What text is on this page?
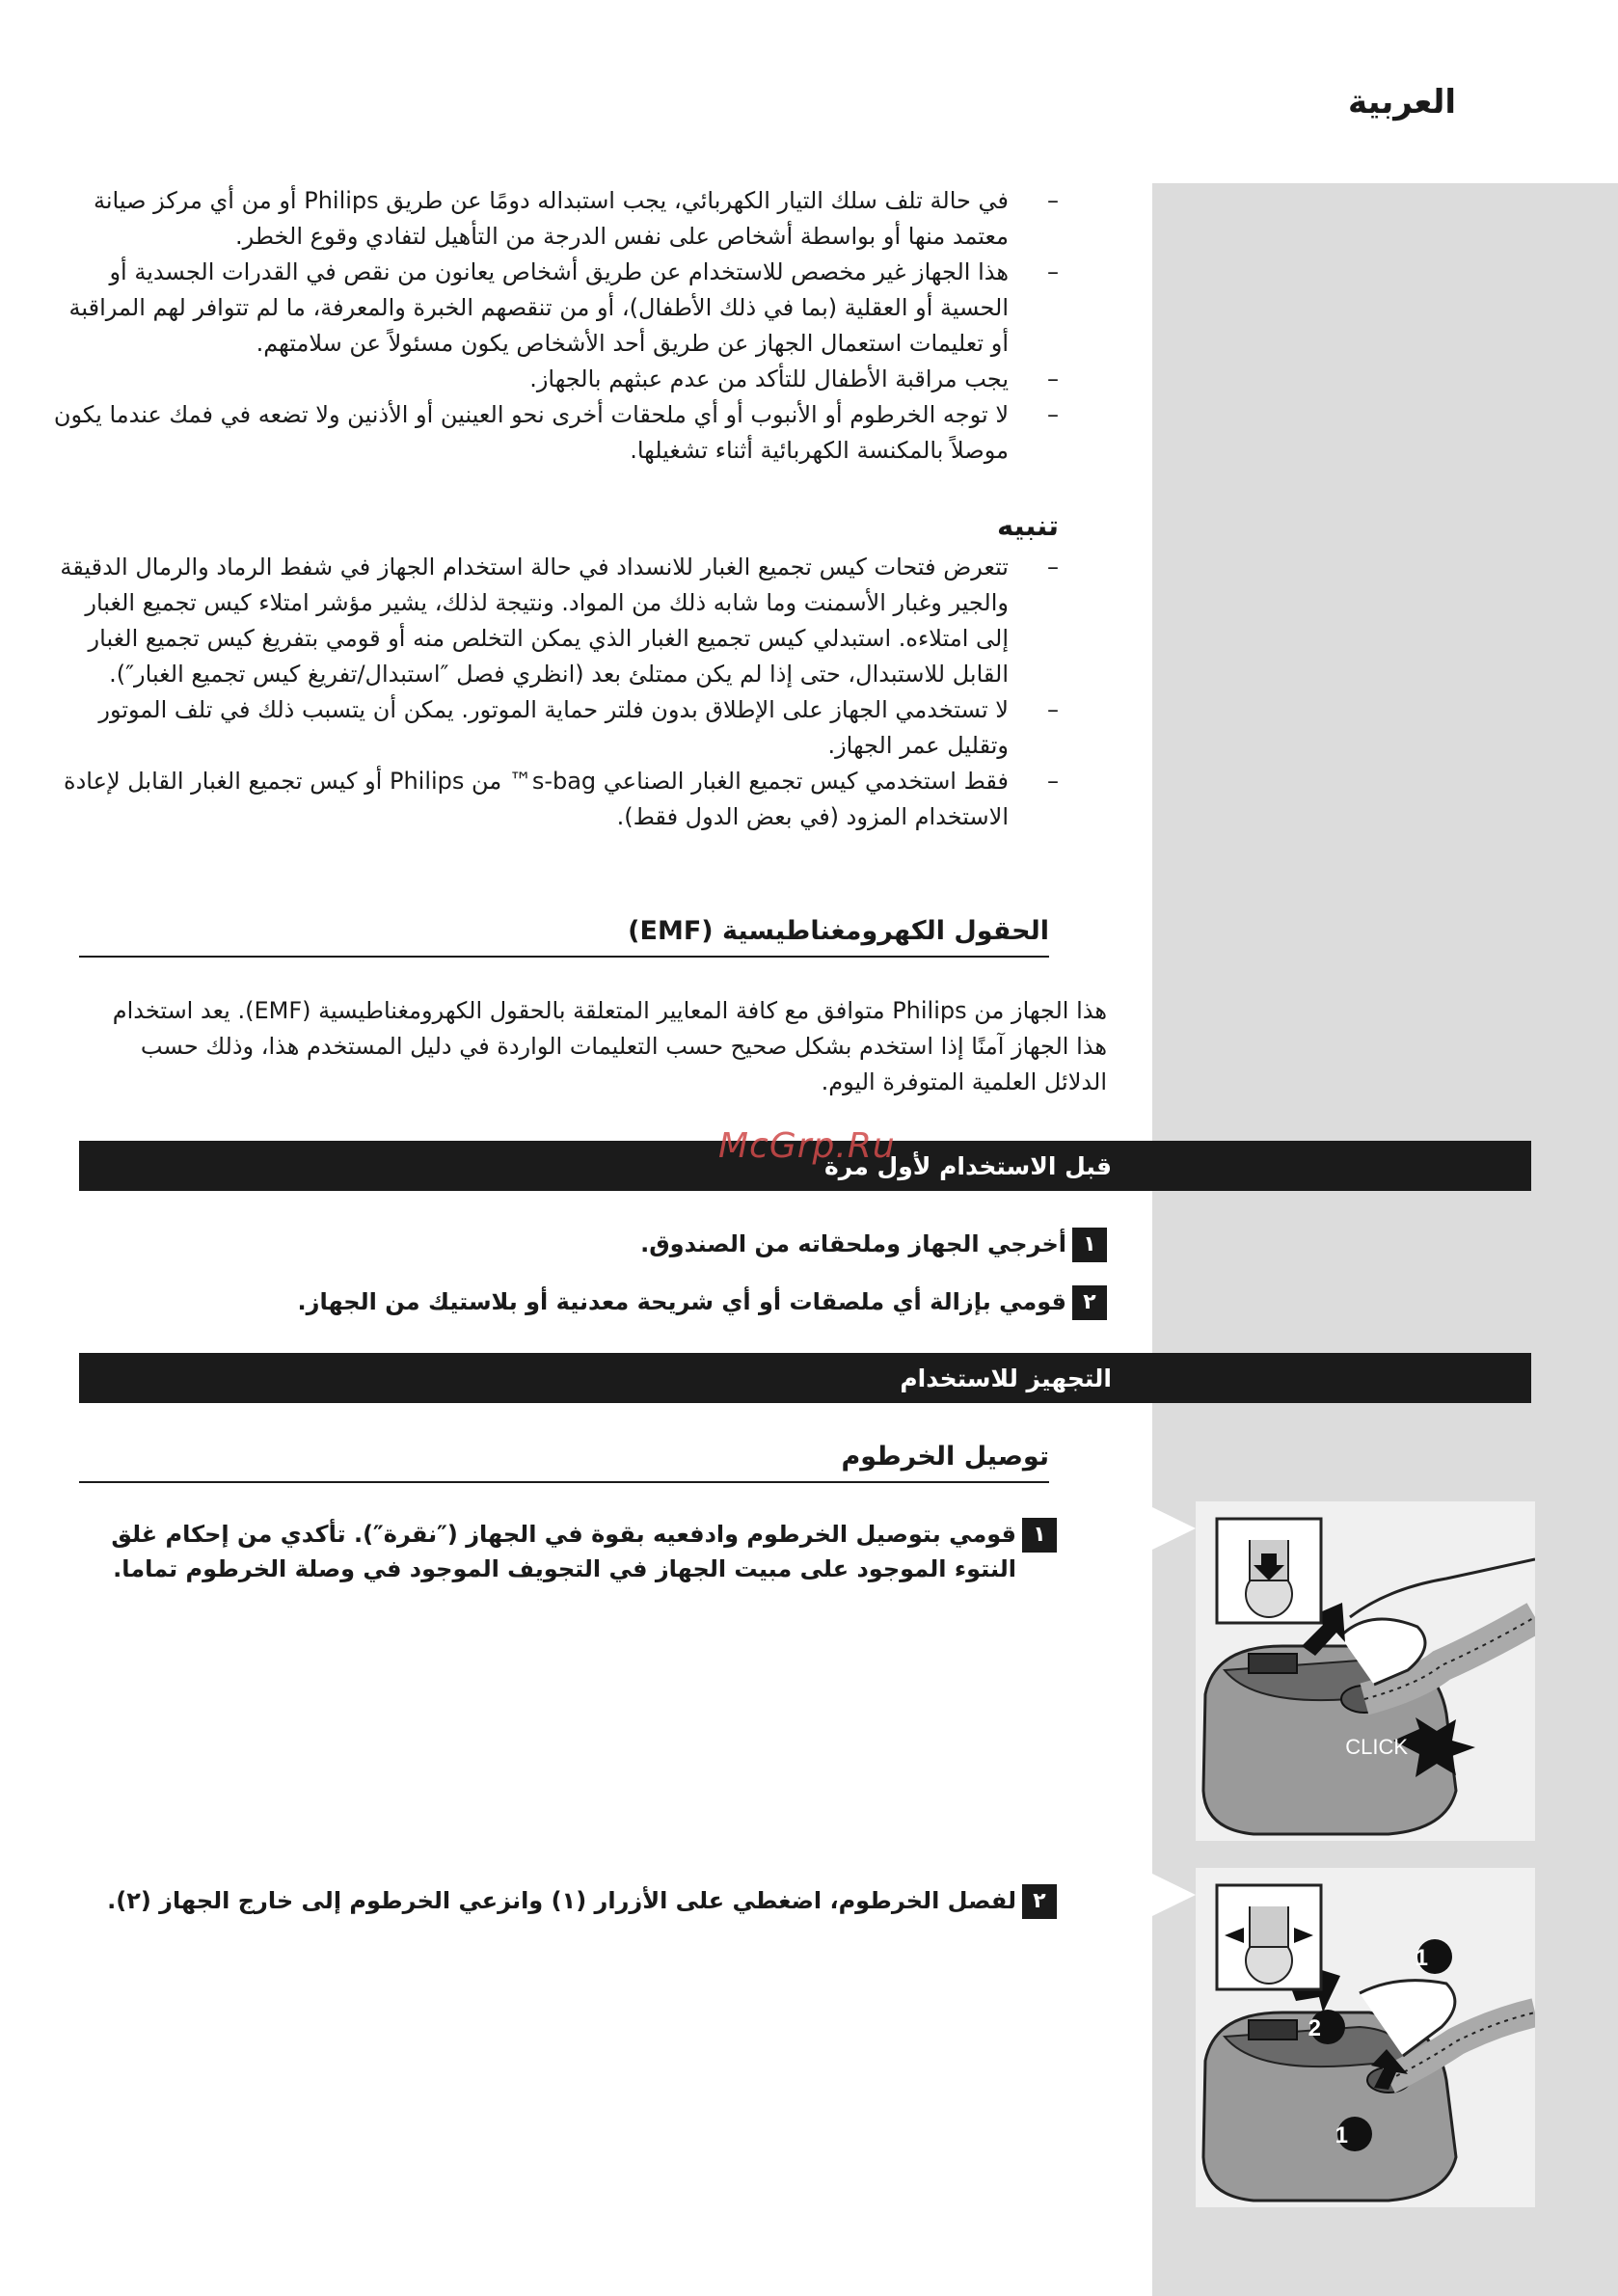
العربية
– في حالة تلف سلك التيار الكهربائي، يجب استبداله دومًا عن طريق Philips أو من أي مركز صيانة معتمد منها أو بواسطة أشخاص على نفس الدرجة من التأهيل لتفادي وقوع الخطر.
– هذا الجهاز غير مخصص للاستخدام عن طريق أشخاص يعانون من نقص في القدرات الجسدية أو الحسية أو العقلية (بما في ذلك الأطفال)، أو من تنقصهم الخبرة والمعرفة، ما لم تتوافر لهم المراقبة أو تعليمات استعمال الجهاز عن طريق أحد الأشخاص يكون مسئولاً عن سلامتهم.
– يجب مراقبة الأطفال للتأكد من عدم عبثهم بالجهاز.
– لا توجه الخرطوم أو الأنبوب أو أي ملحقات أخرى نحو العينين أو الأذنين ولا تضعه في فمك عندما يكون موصلاً بالمكنسة الكهربائية أثناء تشغيلها.
تنبيه
– تتعرض فتحات كيس تجميع الغبار للانسداد في حالة استخدام الجهاز في شفط الرماد والرمال الدقيقة والجير وغبار الأسمنت وما شابه ذلك من المواد. ونتيجة لذلك، يشير مؤشر امتلاء كيس تجميع الغبار إلى امتلاءه. استبدلي كيس تجميع الغبار الذي يمكن التخلص منه أو قومي بتفريغ كيس تجميع الغبار القابل للاستبدال، حتى إذا لم يكن ممتلئ بعد (انظري فصل ″استبدال/تفريغ كيس تجميع الغبار″).
– لا تستخدمي الجهاز على الإطلاق بدون فلتر حماية الموتور. يمكن أن يتسبب ذلك في تلف الموتور وتقليل عمر الجهاز.
– فقط استخدمي كيس تجميع الغبار الصناعي s-bag™ من Philips أو كيس تجميع الغبار القابل لإعادة الاستخدام المزود (في بعض الدول فقط).
الحقول الكهرومغناطيسية (EMF)

هذا الجهاز من Philips متوافق مع كافة المعايير المتعلقة بالحقول الكهرومغناطيسية (EMF). يعد استخدام هذا الجهاز آمنًا إذا استخدم بشكل صحيح حسب التعليمات الواردة في دليل المستخدم هذا، وذلك حسب الدلائل العلمية المتوفرة اليوم.

قبل الاستخدام لأول مرة
McGrp.Ru
١
أخرجي الجهاز وملحقاته من الصندوق.
٢
قومي بإزالة أي ملصقات أو أي شريحة معدنية أو بلاستيك من الجهاز.
التجهيز للاستخدام
توصيل الخرطوم
١
قومي بتوصيل الخرطوم وادفعيه بقوة في الجهاز (″نقرة″). تأكدي من إحكام غلق النتوء الموجود على مبيت الجهاز في التجويف الموجود في وصلة الخرطوم تماما.
٢
لفصل الخرطوم، اضغطي على الأزرار (١) وانزعي الخرطوم إلى خارج الجهاز (٢).
CLICK
1
2
1
